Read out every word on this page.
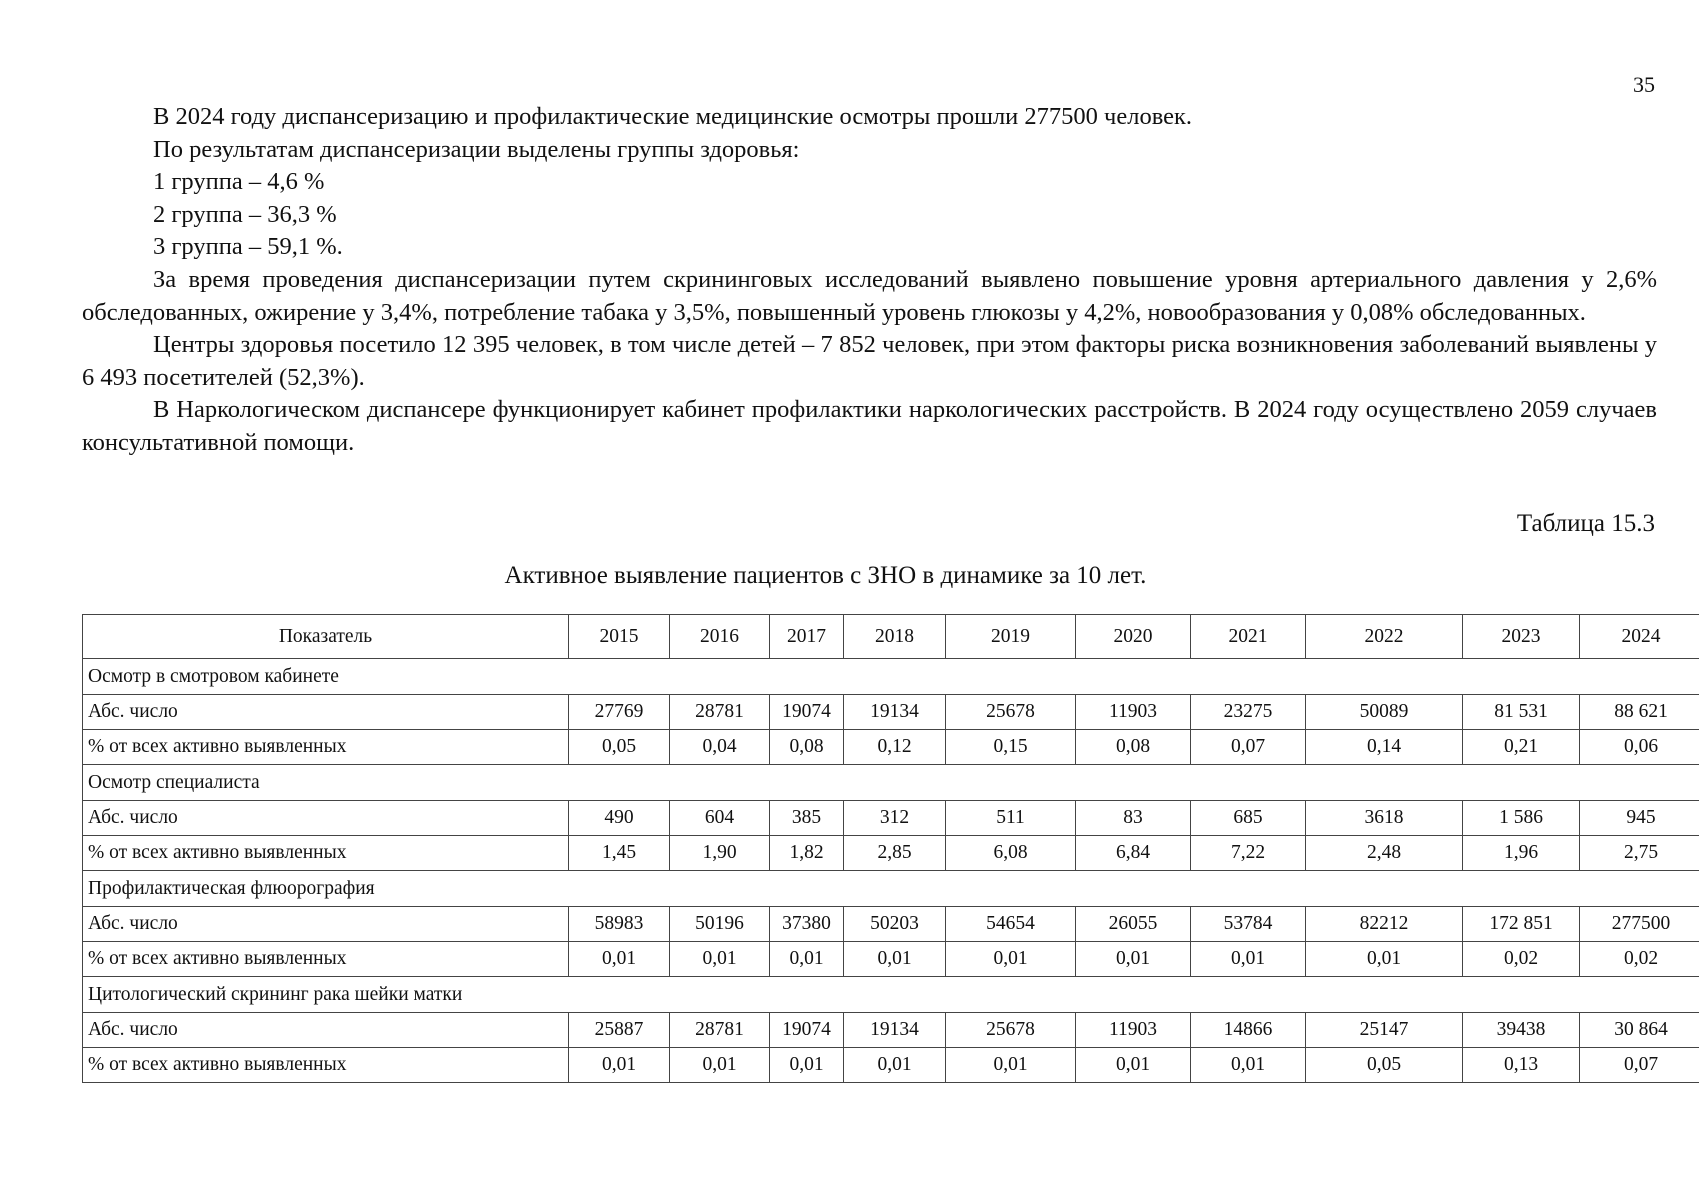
35

В 2024 году диспансеризацию и профилактические медицинские осмотры прошли 277500 человек.

По результатам диспансеризации выделены группы здоровья:

1 группа – 4,6 %

2 группа – 36,3 %

3 группа – 59,1 %.

За время проведения диспансеризации путем скрининговых исследований выявлено повышение уровня артериального давления у 2,6% обследованных, ожирение у 3,4%, потребление табака у 3,5%, повышенный уровень глюкозы у 4,2%, новообразования у 0,08% обследованных.

Центры здоровья посетило 12 395 человек, в том числе детей – 7 852 человек, при этом факторы риска возникновения заболеваний выявлены у 6 493 посетителей (52,3%).

В Наркологическом диспансере функционирует кабинет профилактики наркологических расстройств. В 2024 году осуществлено 2059 случаев консультативной помощи.

Таблица 15.3
Активное выявление пациентов с ЗНО в динамике за 10 лет.
Показатель	2015	2016	2017	2018	2019	2020	2021	2022	2023	2024
Осмотр в смотровом кабинете										
Абс. число	27769	28781	19074	19134	25678	11903	23275	50089	81 531	88 621
% от всех активно выявленных	0,05	0,04	0,08	0,12	0,15	0,08	0,07	0,14	0,21	0,06
Осмотр специалиста										
Абс. число	490	604	385	312	511	83	685	3618	1 586	945
% от всех активно выявленных	1,45	1,90	1,82	2,85	6,08	6,84	7,22	2,48	1,96	2,75
Профилактическая флюорография										
Абс. число	58983	50196	37380	50203	54654	26055	53784	82212	172 851	277500
% от всех активно выявленных	0,01	0,01	0,01	0,01	0,01	0,01	0,01	0,01	0,02	0,02
Цитологический скрининг рака шейки матки										
Абс. число	25887	28781	19074	19134	25678	11903	14866	25147	39438	30 864
% от всех активно выявленных	0,01	0,01	0,01	0,01	0,01	0,01	0,01	0,05	0,13	0,07
